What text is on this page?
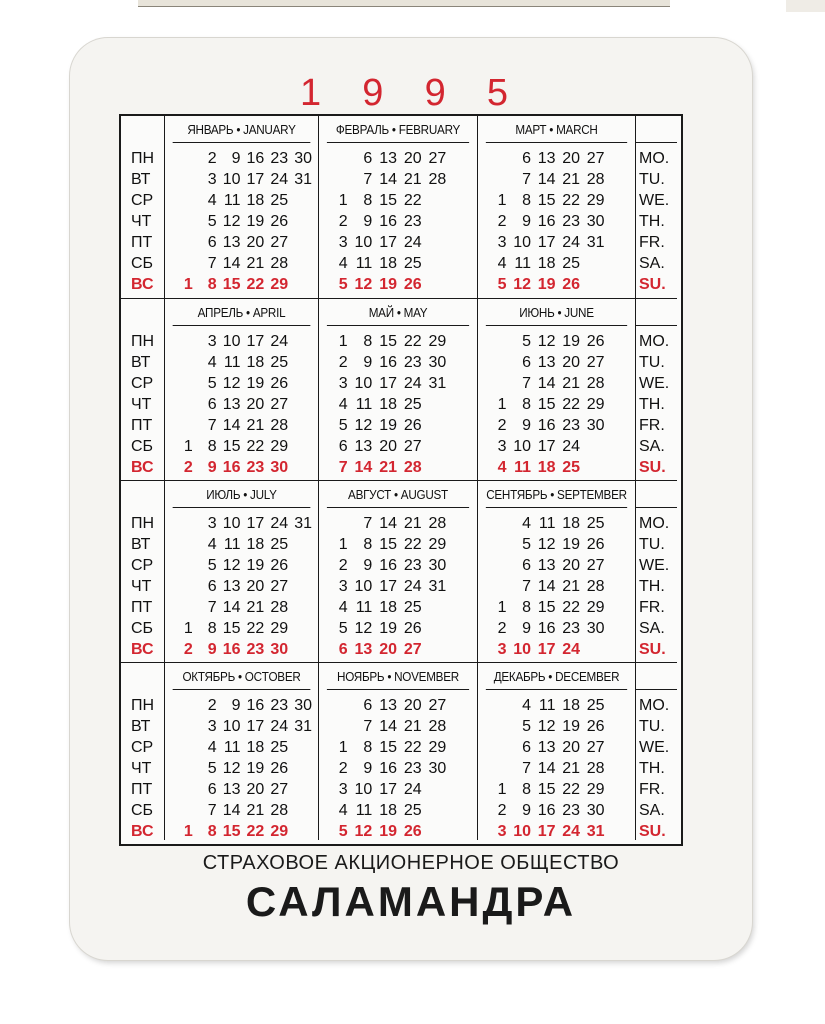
1 9 9 5
ПН
ВТ
СР
ЧТ
ПТ
СБ
ВС
ЯНВАРЬ • JANUARY
1
2
3
4
5
6
7
8
9
10
11
12
13
14
15
16
17
18
19
20
21
22
23
24
25
26
27
28
29
30
31
ФЕВРАЛЬ • FEBRUARY
1
2
3
4
5
6
7
8
9
10
11
12
13
14
15
16
17
18
19
20
21
22
23
24
25
26
27
28
МАРТ • MARCH
1
2
3
4
5
6
7
8
9
10
11
12
13
14
15
16
17
18
19
20
21
22
23
24
25
26
27
28
29
30
31
MO.
TU.
WE.
TH.
FR.
SA.
SU.
ПН
ВТ
СР
ЧТ
ПТ
СБ
ВС
АПРЕЛЬ • APRIL
1
2
3
4
5
6
7
8
9
10
11
12
13
14
15
16
17
18
19
20
21
22
23
24
25
26
27
28
29
30
МАЙ • MAY
1
2
3
4
5
6
7
8
9
10
11
12
13
14
15
16
17
18
19
20
21
22
23
24
25
26
27
28
29
30
31
ИЮНЬ • JUNE
1
2
3
4
5
6
7
8
9
10
11
12
13
14
15
16
17
18
19
20
21
22
23
24
25
26
27
28
29
30
MO.
TU.
WE.
TH.
FR.
SA.
SU.
ПН
ВТ
СР
ЧТ
ПТ
СБ
ВС
ИЮЛЬ • JULY
1
2
3
4
5
6
7
8
9
10
11
12
13
14
15
16
17
18
19
20
21
22
23
24
25
26
27
28
29
30
31
АВГУСТ • AUGUST
1
2
3
4
5
6
7
8
9
10
11
12
13
14
15
16
17
18
19
20
21
22
23
24
25
26
27
28
29
30
31
СЕНТЯБРЬ • SEPTEMBER
1
2
3
4
5
6
7
8
9
10
11
12
13
14
15
16
17
18
19
20
21
22
23
24
25
26
27
28
29
30
MO.
TU.
WE.
TH.
FR.
SA.
SU.
ПН
ВТ
СР
ЧТ
ПТ
СБ
ВС
ОКТЯБРЬ • OCTOBER
1
2
3
4
5
6
7
8
9
10
11
12
13
14
15
16
17
18
19
20
21
22
23
24
25
26
27
28
29
30
31
НОЯБРЬ • NOVEMBER
1
2
3
4
5
6
7
8
9
10
11
12
13
14
15
16
17
18
19
20
21
22
23
24
25
26
27
28
29
30
ДЕКАБРЬ • DECEMBER
1
2
3
4
5
6
7
8
9
10
11
12
13
14
15
16
17
18
19
20
21
22
23
24
25
26
27
28
29
30
31
MO.
TU.
WE.
TH.
FR.
SA.
SU.
СТРАХОВОЕ АКЦИОНЕРНОЕ ОБЩЕСТВО
САЛАМАНДРА
